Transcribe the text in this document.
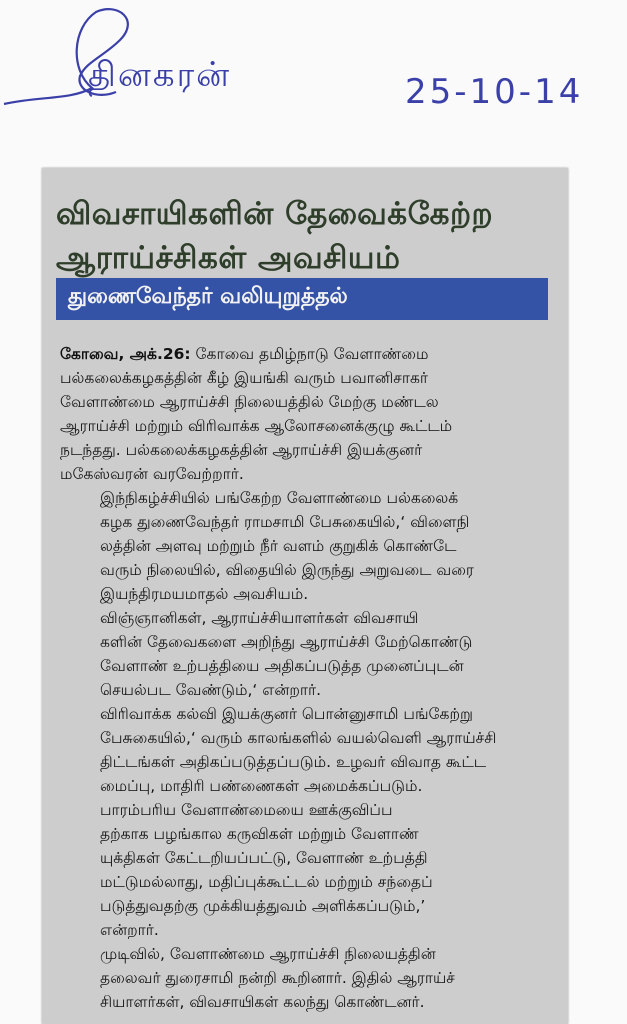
தினகரன்	25-10-14
விவசாயிகளின் தேவைக்கேற்ற
ஆராய்ச்சிகள் அவசியம்
துணைவேந்தர் வலியுறுத்தல்
கோவை, அக்.26: கோவை தமிழ்நாடு வேளாண்மை
பல்கலைக்கழகத்தின் கீழ் இயங்கி வரும் பவானிசாகர்
வேளாண்மை ஆராய்ச்சி நிலையத்தில் மேற்கு மண்டல
ஆராய்ச்சி மற்றும் விரிவாக்க ஆலோசனைக்குழு கூட்டம்
நடந்தது. பல்கலைக்கழகத்தின் ஆராய்ச்சி இயக்குனர்
மகேஸ்வரன் வரவேற்றார்.
இந்நிகழ்ச்சியில் பங்கேற்ற வேளாண்மை பல்கலைக்
கழக துணைவேந்தர் ராமசாமி பேசுகையில்,‘ விளைநி
லத்தின் அளவு மற்றும் நீர் வளம் குறுகிக் கொண்டே
வரும் நிலையில், விதையில் இருந்து அறுவடை வரை
இயந்திரமயமாதல் அவசியம்.
விஞ்ஞானிகள், ஆராய்ச்சியாளர்கள் விவசாயி
களின் தேவைகளை அறிந்து ஆராய்ச்சி மேற்கொண்டு
வேளாண் உற்பத்தியை அதிகப்படுத்த முனைப்புடன்
செயல்பட வேண்டும்,‘ என்றார்.
விரிவாக்க கல்வி இயக்குனர் பொன்னுசாமி பங்கேற்று
பேசுகையில்,‘ வரும் காலங்களில் வயல்வெளி ஆராய்ச்சி
திட்டங்கள் அதிகப்படுத்தப்படும். உழவர் விவாத கூட்ட
மைப்பு, மாதிரி பண்ணைகள் அமைக்கப்படும்.
பாரம்பரிய வேளாண்மையை ஊக்குவிப்ப
தற்காக பழங்கால கருவிகள் மற்றும் வேளாண்
யுக்திகள் கேட்டறியப்பட்டு, வேளாண் உற்பத்தி
மட்டுமல்லாது, மதிப்புக்கூட்டல் மற்றும் சந்தைப்
படுத்துவதற்கு முக்கியத்துவம் அளிக்கப்படும்,’
என்றார்.
முடிவில், வேளாண்மை ஆராய்ச்சி நிலையத்தின்
தலைவர் துரைசாமி நன்றி கூறினார். இதில் ஆராய்ச்
சியாளர்கள், விவசாயிகள் கலந்து கொண்டனர்.
